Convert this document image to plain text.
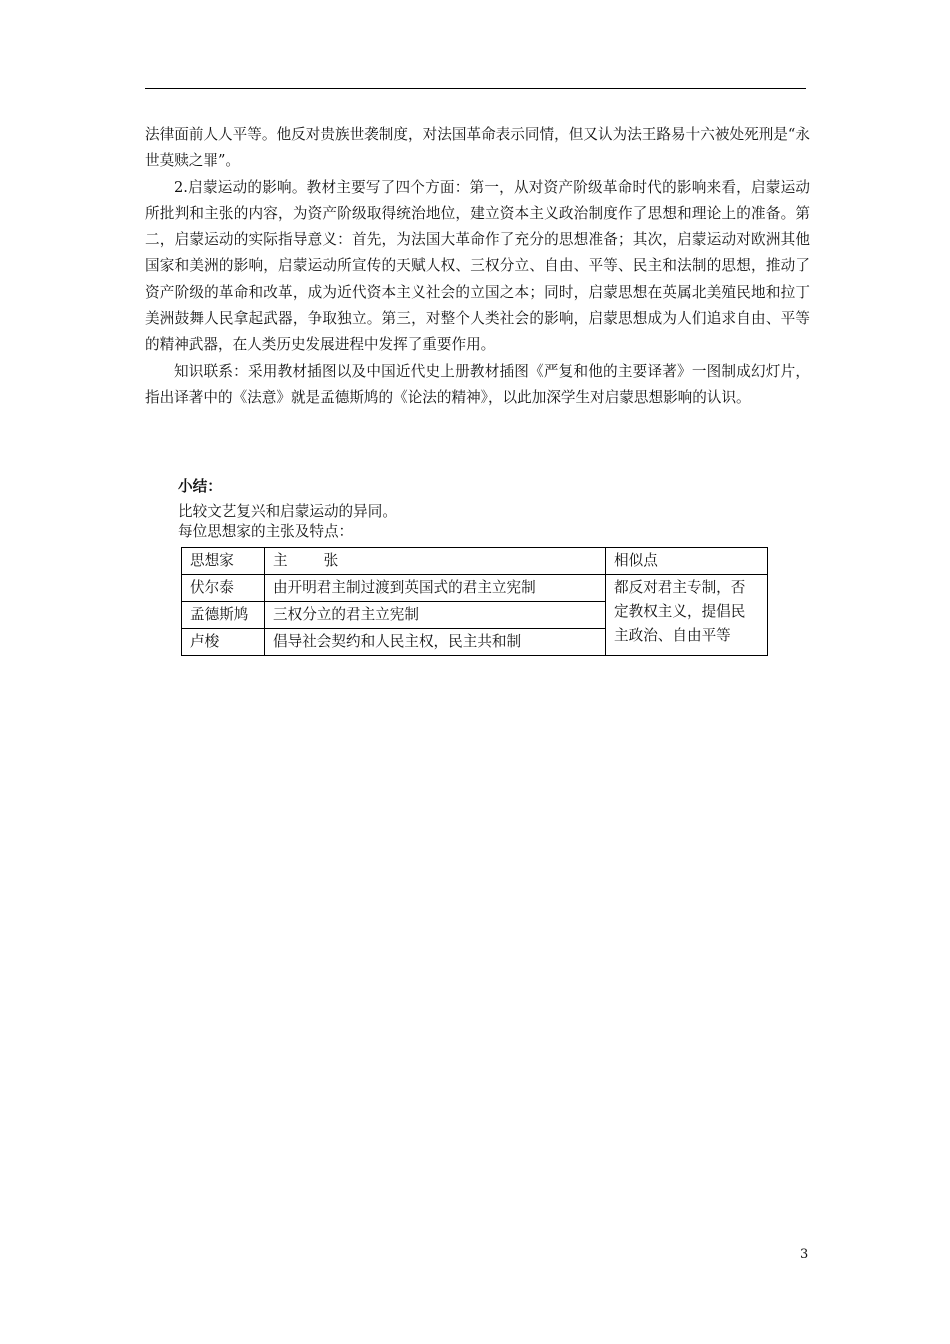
法律面前人人平等。他反对贵族世袭制度，对法国革命表示同情，但又认为法王路易十六被处死刑是“永世莫赎之罪”。

2.启蒙运动的影响。教材主要写了四个方面：第一，从对资产阶级革命时代的影响来看，启蒙运动所批判和主张的内容，为资产阶级取得统治地位，建立资本主义政治制度作了思想和理论上的准备。第二，启蒙运动的实际指导意义：首先，为法国大革命作了充分的思想准备；其次，启蒙运动对欧洲其他国家和美洲的影响，启蒙运动所宣传的天赋人权、三权分立、自由、平等、民主和法制的思想，推动了资产阶级的革命和改革，成为近代资本主义社会的立国之本；同时，启蒙思想在英属北美殖民地和拉丁美洲鼓舞人民拿起武器，争取独立。第三，对整个人类社会的影响，启蒙思想成为人们追求自由、平等的精神武器，在人类历史发展进程中发挥了重要作用。

知识联系：采用教材插图以及中国近代史上册教材插图《严复和他的主要译著》一图制成幻灯片，指出译著中的《法意》就是孟德斯鸠的《论法的精神》，以此加深学生对启蒙思想影响的认识。

小结：
比较文艺复兴和启蒙运动的异同。
每位思想家的主张及特点：
思想家	主 张	相似点
伏尔泰	由开明君主制过渡到英国式的君主立宪制	都反对君主专制，否定教权主义，提倡民主政治、自由平等
孟德斯鸠	三权分立的君主立宪制	
卢梭	倡导社会契约和人民主权，民主共和制	
3
